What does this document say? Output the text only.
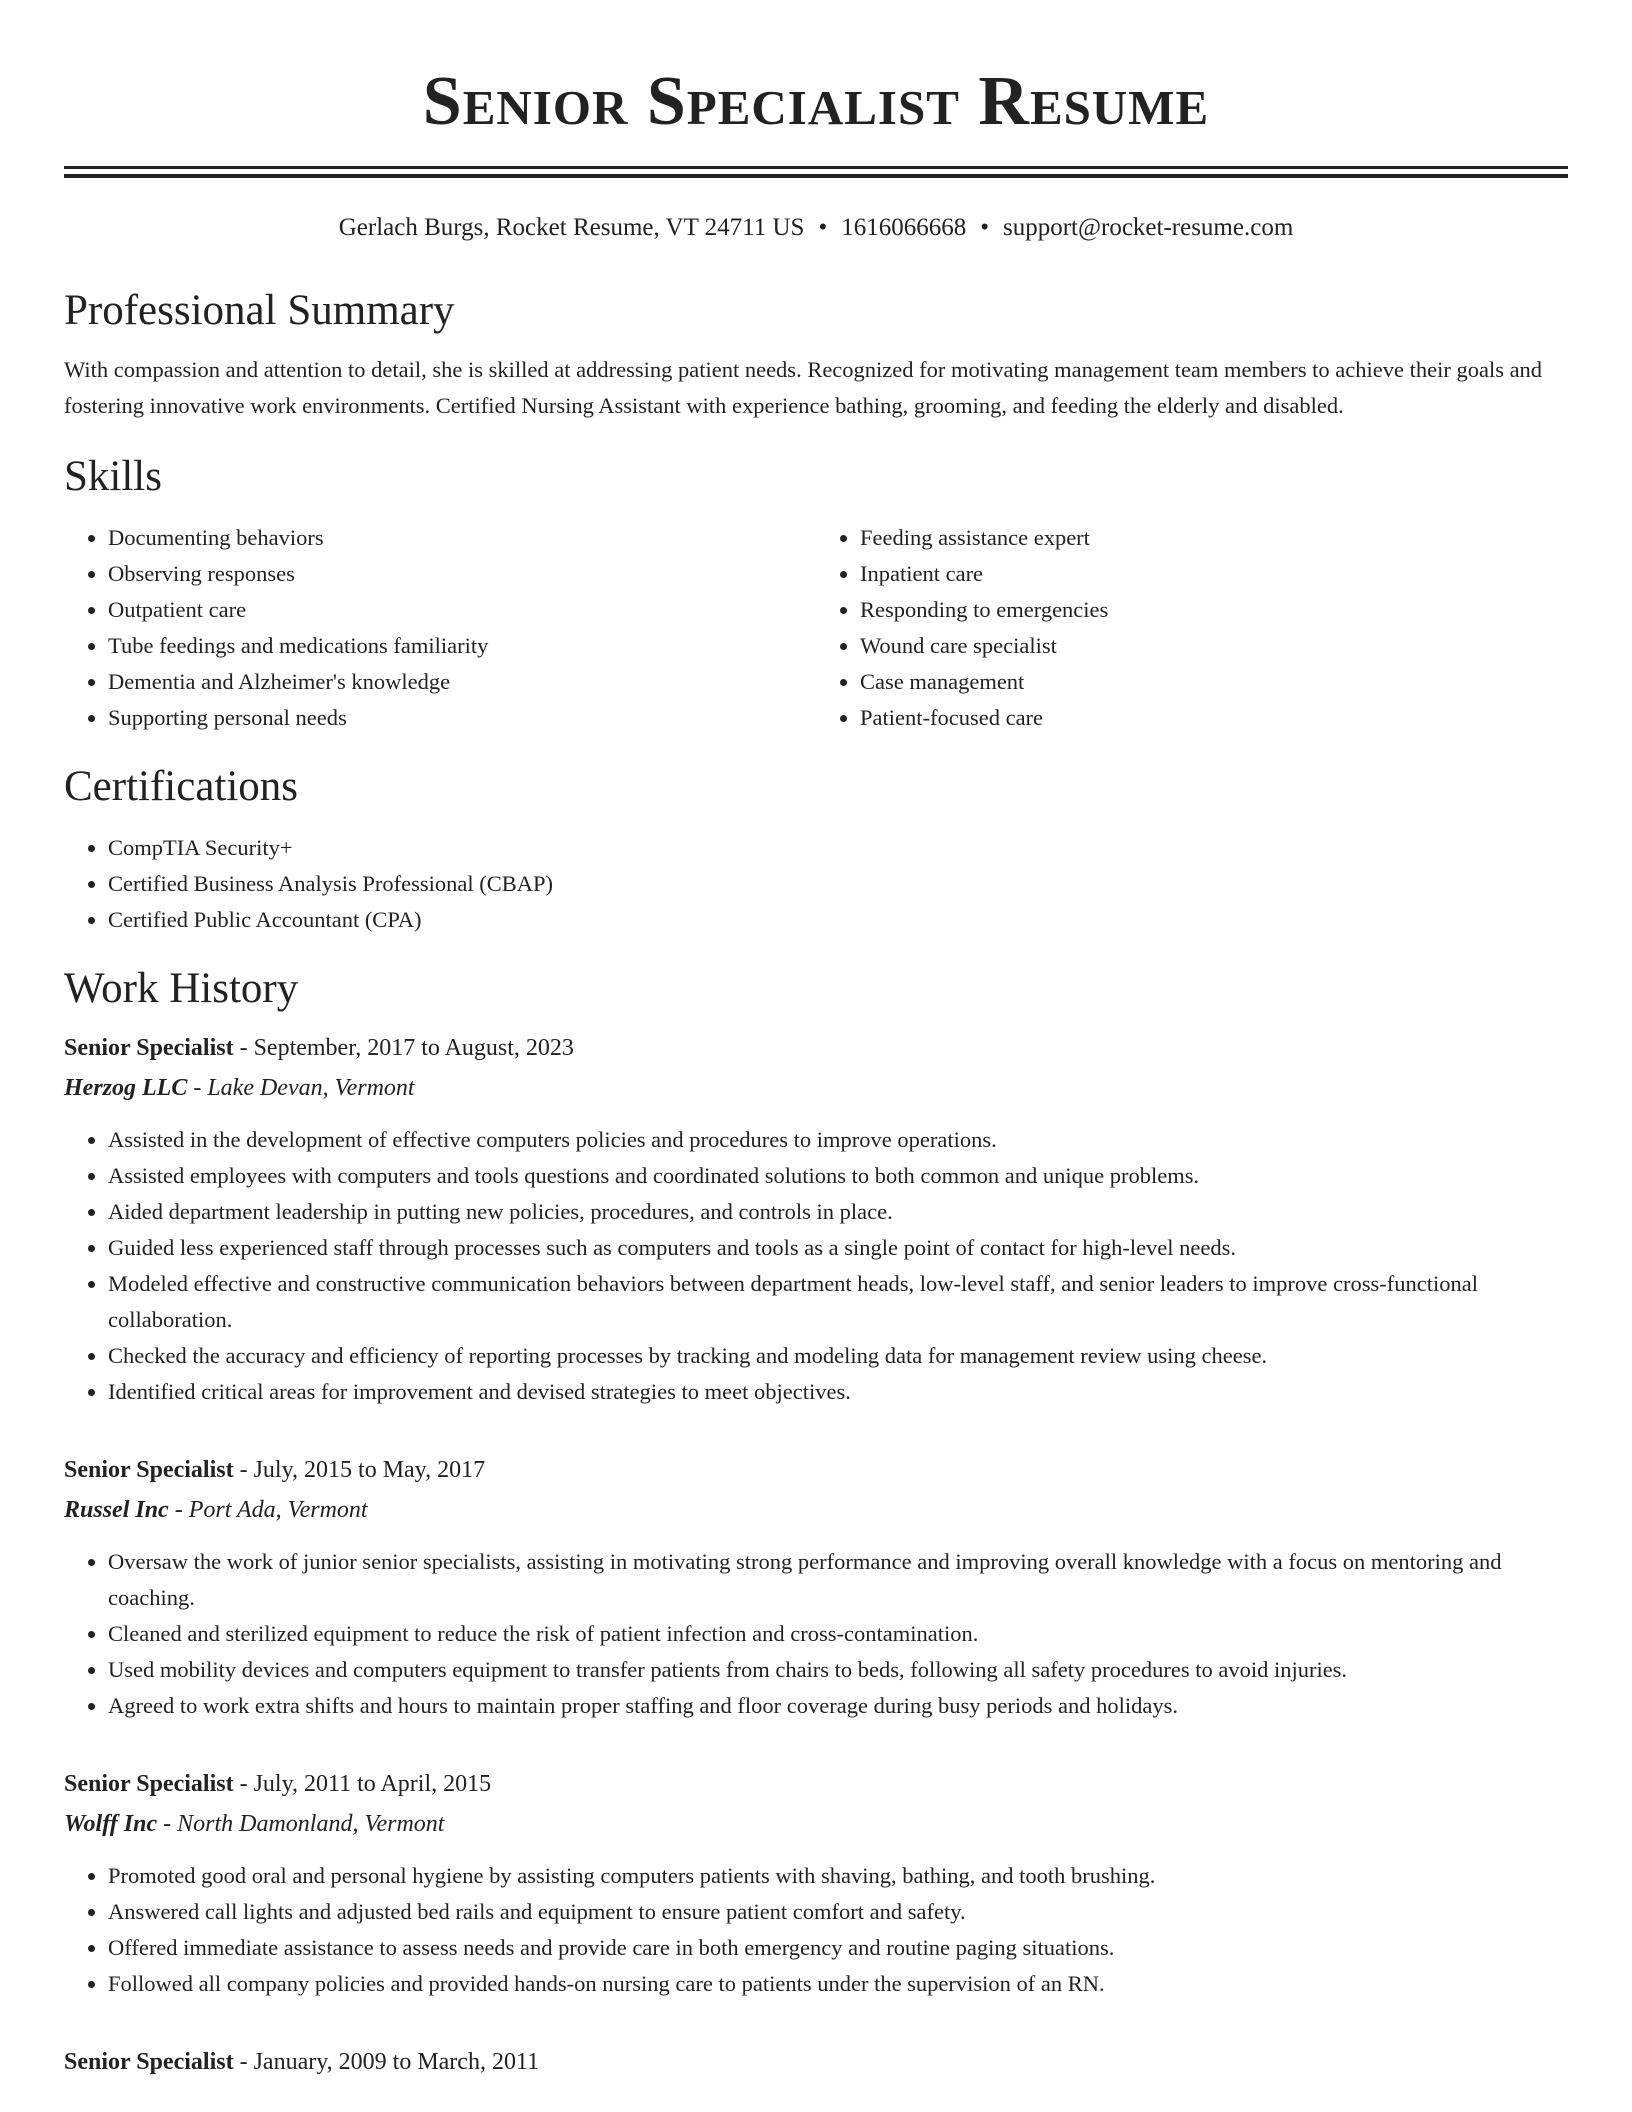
Senior Specialist Resume
Gerlach Burgs, Rocket Resume, VT 24711 US • 1616066668 • support@rocket-resume.com
Professional Summary

With compassion and attention to detail, she is skilled at addressing patient needs. Recognized for motivating management team members to achieve their goals and fostering innovative work environments. Certified Nursing Assistant with experience bathing, grooming, and feeding the elderly and disabled.

Skills
• Documenting behaviors
• Observing responses
• Outpatient care
• Tube feedings and medications familiarity
• Dementia and Alzheimer's knowledge
• Supporting personal needs
• Feeding assistance expert
• Inpatient care
• Responding to emergencies
• Wound care specialist
• Case management
• Patient-focused care
Certifications
• CompTIA Security+
• Certified Business Analysis Professional (CBAP)
• Certified Public Accountant (CPA)
Work History
Senior Specialist - September, 2017 to August, 2023
Herzog LLC - Lake Devan, Vermont
• Assisted in the development of effective computers policies and procedures to improve operations.
• Assisted employees with computers and tools questions and coordinated solutions to both common and unique problems.
• Aided department leadership in putting new policies, procedures, and controls in place.
• Guided less experienced staff through processes such as computers and tools as a single point of contact for high-level needs.
• Modeled effective and constructive communication behaviors between department heads, low-level staff, and senior leaders to improve cross-functional collaboration.
• Checked the accuracy and efficiency of reporting processes by tracking and modeling data for management review using cheese.
• Identified critical areas for improvement and devised strategies to meet objectives.
Senior Specialist - July, 2015 to May, 2017
Russel Inc - Port Ada, Vermont
• Oversaw the work of junior senior specialists, assisting in motivating strong performance and improving overall knowledge with a focus on mentoring and coaching.
• Cleaned and sterilized equipment to reduce the risk of patient infection and cross-contamination.
• Used mobility devices and computers equipment to transfer patients from chairs to beds, following all safety procedures to avoid injuries.
• Agreed to work extra shifts and hours to maintain proper staffing and floor coverage during busy periods and holidays.
Senior Specialist - July, 2011 to April, 2015
Wolff Inc - North Damonland, Vermont
• Promoted good oral and personal hygiene by assisting computers patients with shaving, bathing, and tooth brushing.
• Answered call lights and adjusted bed rails and equipment to ensure patient comfort and safety.
• Offered immediate assistance to assess needs and provide care in both emergency and routine paging situations.
• Followed all company policies and provided hands-on nursing care to patients under the supervision of an RN.
Senior Specialist - January, 2009 to March, 2011
